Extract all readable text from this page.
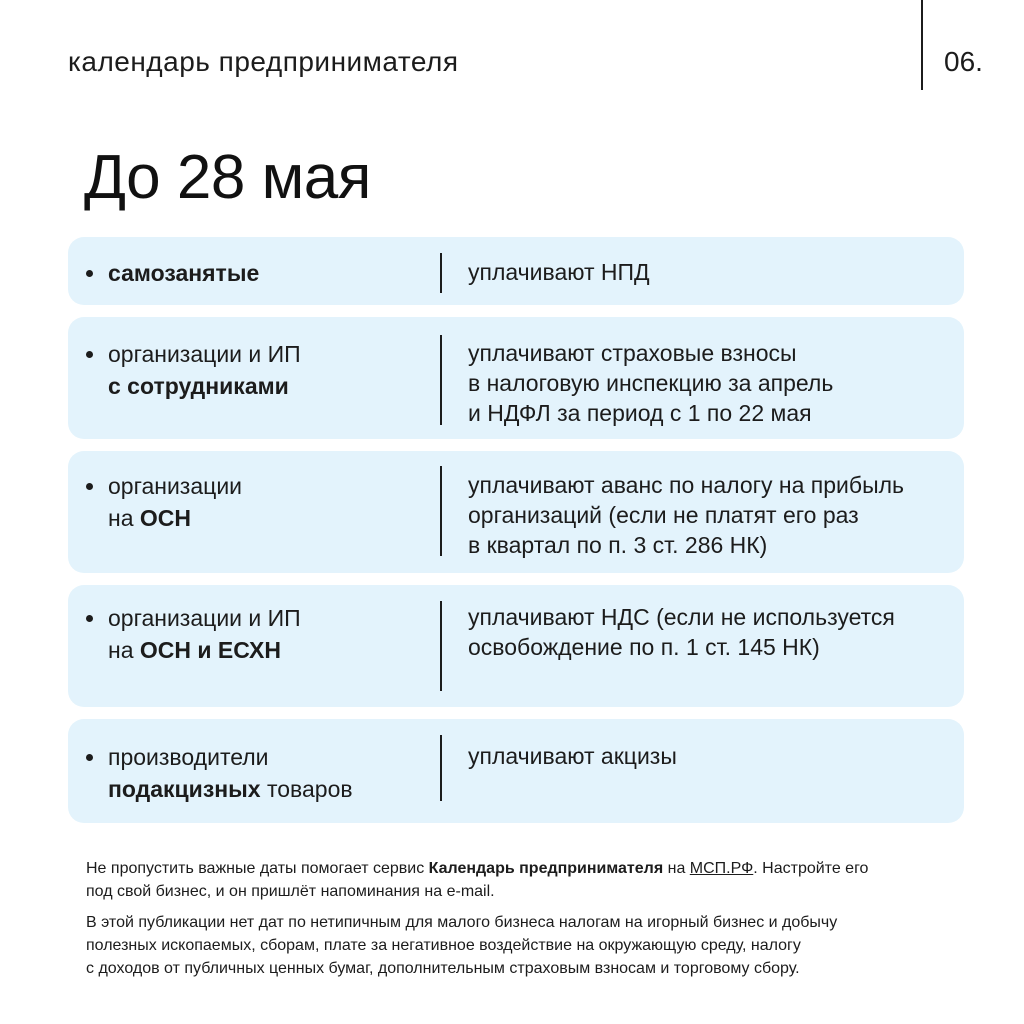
календарь предпринимателя	06.
До 28 мая
самозанятые	уплачивают НПД
организации и ИП
с сотрудниками
уплачивают страховые взносы
в налоговую инспекцию за апрель
и НДФЛ за период с 1 по 22 мая
организации
на ОСН
уплачивают аванс по налогу на прибыль
организаций (если не платят его раз
в квартал по п. 3 ст. 286 НК)
организации и ИП
на ОСН и ЕСХН
уплачивают НДС (если не используется
освобождение по п. 1 ст. 145 НК)
производители
подакцизных товаров
уплачивают акцизы

Не пропустить важные даты помогает сервис Календарь предпринимателя на МСП.РФ. Настройте его
под свой бизнес, и он пришлёт напоминания на e-mail.

В этой публикации нет дат по нетипичным для малого бизнеса налогам на игорный бизнес и добычу
полезных ископаемых, сборам, плате за негативное воздействие на окружающую среду, налогу
с доходов от публичных ценных бумаг, дополнительным страховым взносам и торговому сбору.
